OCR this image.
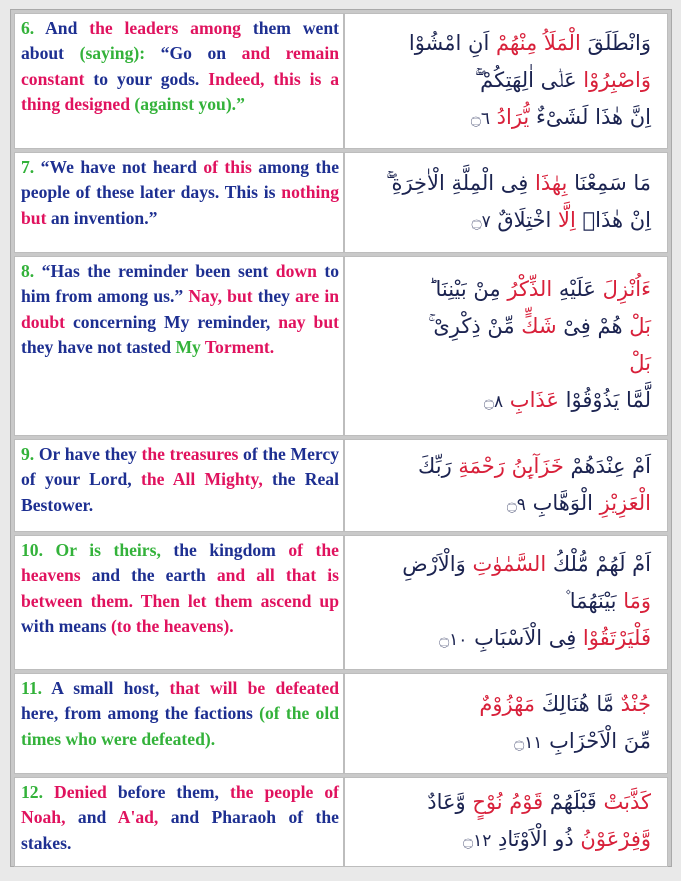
6. And the leaders among them went about (saying): “Go on and remain constant to your gods. Indeed, this is a thing designed (against you).”	وَانْطَلَقَ الْمَلَاُ مِنْهُمْ اَنِ امْشُوْا
وَاصْبِرُوْا عَلٰۤى اٰلِهَتِكُمْ ۖۚ
اِنَّ هٰذَا لَشَیْءٌ یُّرَادُ ۝٦

7. “We have not heard of this among the people of these later days. This is nothing but an invention.”	مَا سَمِعْنَا بِهٰذَا فِی الْمِلَّةِ الْاٰخِرَةِ ۖۚ
اِنْ هٰذَاۤ اِلَّا اخْتِلَاقٌ ۝٧

8. “Has the reminder been sent down to him from among us.” Nay, but they are in doubt concerning My reminder, nay but they have not tasted My Torment.	ءَاُنْزِلَ عَلَیْهِ الذِّكْرُ مِنْ بَیْنِنَا ؕ
بَلْ هُمْ فِیْ شَكٍّ مِّنْ ذِكْرِیْ ۚ
بَلْ
لَّمَّا یَذُوْقُوْا عَذَابِ ۝٨

9. Or have they the treasures of the Mercy of your Lord, the All Mighty, the Real Bestower.	اَمْ عِنْدَهُمْ خَزَآىِٕنُ رَحْمَةِ رَبِّكَ
الْعَزِیْزِ الْوَهَّابِ ۝٩

10. Or is theirs, the kingdom of the heavens and the earth and all that is between them. Then let them ascend up with means (to the heavens).	اَمْ لَهُمْ مُّلْكُ السَّمٰوٰتِ وَالْاَرْضِ
وَمَا بَیْنَهُمَا ۫
فَلْیَرْتَقُوْا فِی الْاَسْبَابِ ۝١٠

11. A small host, that will be defeated here, from among the factions (of the old times who were defeated).	جُنْدٌ مَّا هُنَالِكَ مَهْزُوْمٌ
مِّنَ الْاَحْزَابِ ۝١١

12. Denied before them, the people of Noah, and A'ad, and Pharaoh of the stakes.	كَذَّبَتْ قَبْلَهُمْ قَوْمُ نُوْحٍ وَّعَادٌ
وَّفِرْعَوْنُ ذُو الْاَوْتَادِ ۝١٢
